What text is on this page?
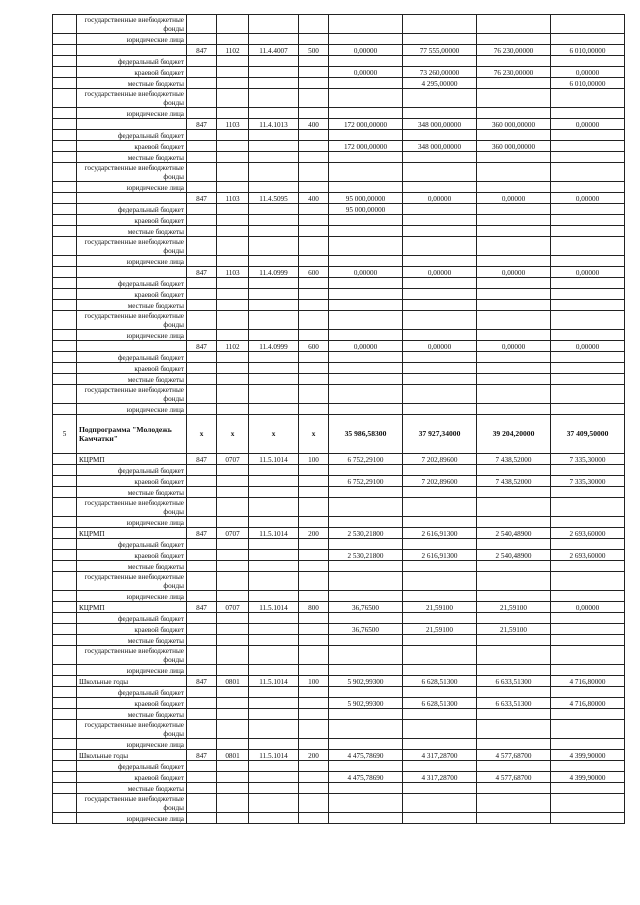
	государственные внебюджетные фонды								
	юридические лица								
		847	1102	11.4.4007	500	0,00000	77 555,00000	76 230,00000	6 010,00000
	федеральный бюджет								
	краевой бюджет					0,00000	73 260,00000	76 230,00000	0,00000
	местные бюджеты						4 295,00000		6 010,00000
	государственные внебюджетные фонды								
	юридические лица								
		847	1103	11.4.1013	400	172 000,00000	348 000,00000	360 000,00000	0,00000
	федеральный бюджет								
	краевой бюджет					172 000,00000	348 000,00000	360 000,00000	
	местные бюджеты								
	государственные внебюджетные фонды								
	юридические лица								
		847	1103	11.4.5095	400	95 000,00000	0,00000	0,00000	0,00000
	федеральный бюджет					95 000,00000			
	краевой бюджет								
	местные бюджеты								
	государственные внебюджетные фонды								
	юридические лица								
		847	1103	11.4.0999	600	0,00000	0,00000	0,00000	0,00000
	федеральный бюджет								
	краевой бюджет								
	местные бюджеты								
	государственные внебюджетные фонды								
	юридические лица								
		847	1102	11.4.0999	600	0,00000	0,00000	0,00000	0,00000
	федеральный бюджет								
	краевой бюджет								
	местные бюджеты								
	государственные внебюджетные фонды								
	юридические лица								
5	Подпрограмма "Молодежь Камчатки"	x	x	x	x	35 986,58300	37 927,34000	39 204,20000	37 409,50000
	КЦРМП	847	0707	11.5.1014	100	6 752,29100	7 202,89600	7 438,52000	7 335,30000
	федеральный бюджет								
	краевой бюджет					6 752,29100	7 202,89600	7 438,52000	7 335,30000
	местные бюджеты								
	государственные внебюджетные фонды								
	юридические лица								
	КЦРМП	847	0707	11.5.1014	200	2 530,21800	2 616,91300	2 540,48900	2 693,60000
	федеральный бюджет								
	краевой бюджет					2 530,21800	2 616,91300	2 540,48900	2 693,60000
	местные бюджеты								
	государственные внебюджетные фонды								
	юридические лица								
	КЦРМП	847	0707	11.5.1014	800	36,76500	21,59100	21,59100	0,00000
	федеральный бюджет								
	краевой бюджет					36,76500	21,59100	21,59100	
	местные бюджеты								
	государственные внебюджетные фонды								
	юридические лица								
	Школьные годы	847	0801	11.5.1014	100	5 902,99300	6 628,51300	6 633,51300	4 716,80000
	федеральный бюджет								
	краевой бюджет					5 902,99300	6 628,51300	6 633,51300	4 716,80000
	местные бюджеты								
	государственные внебюджетные фонды								
	юридические лица								
	Школьные годы	847	0801	11.5.1014	200	4 475,78690	4 317,28700	4 577,68700	4 399,90000
	федеральный бюджет								
	краевой бюджет					4 475,78690	4 317,28700	4 577,68700	4 399,90000
	местные бюджеты								
	государственные внебюджетные фонды								
	юридические лица								
